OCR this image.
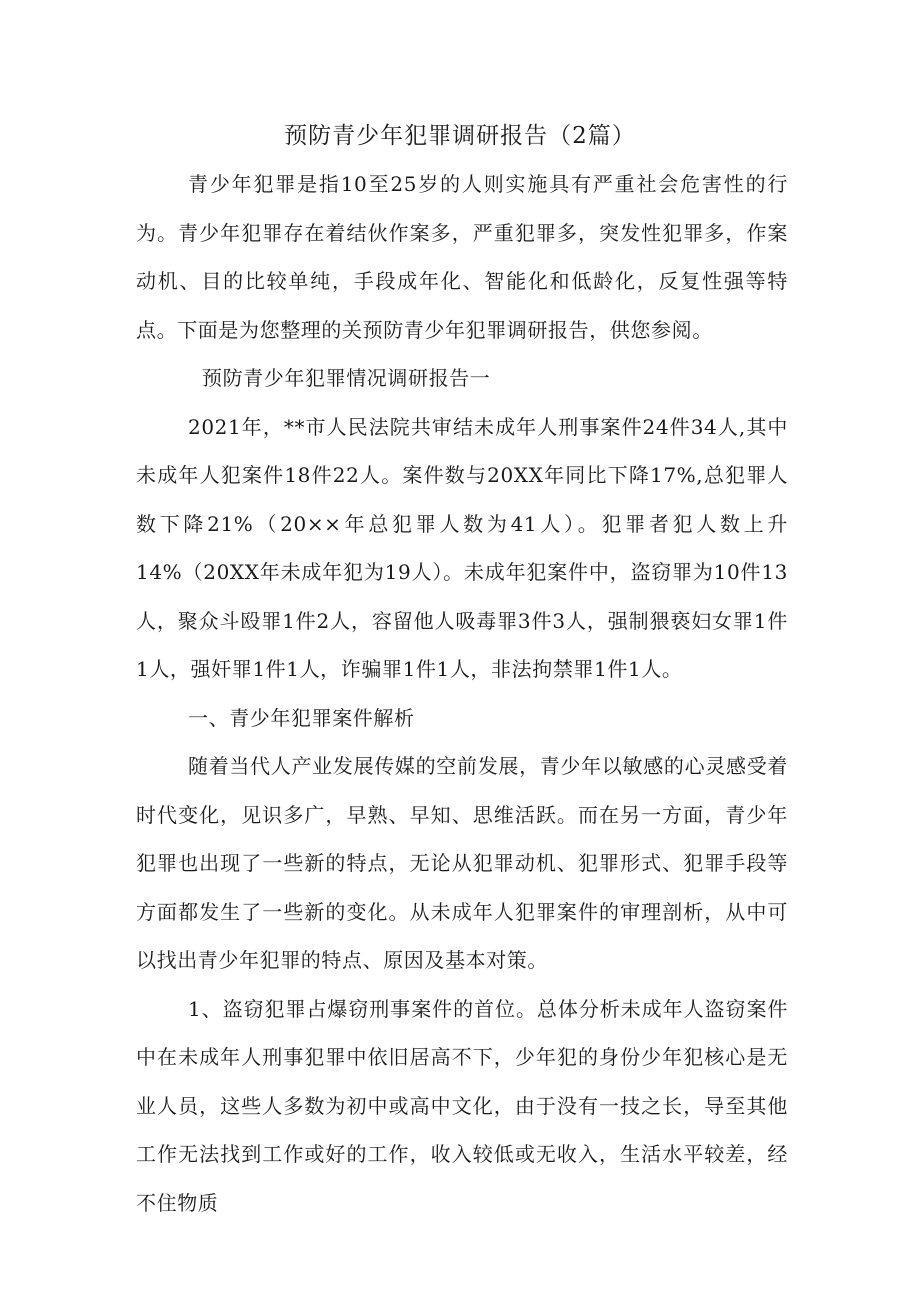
预防青少年犯罪调研报告（2篇）

青少年犯罪是指10至25岁的人则实施具有严重社会危害性的行为。青少年犯罪存在着结伙作案多，严重犯罪多，突发性犯罪多，作案动机、目的比较单纯，手段成年化、智能化和低龄化，反复性强等特点。下面是为您整理的关预防青少年犯罪调研报告，供您参阅。

预防青少年犯罪情况调研报告一

2021年，**市人民法院共审结未成年人刑事案件24件34人,其中未成年人犯案件18件22人。案件数与20XX年同比下降17%,总犯罪人数下降21%（20××年总犯罪人数为41人）。犯罪者犯人数上升14%（20XX年未成年犯为19人）。未成年犯案件中，盗窃罪为10件13人，聚众斗殴罪1件2人，容留他人吸毒罪3件3人，强制猥亵妇女罪1件1人，强奸罪1件1人，诈骗罪1件1人，非法拘禁罪1件1人。

一、青少年犯罪案件解析

随着当代人产业发展传媒的空前发展，青少年以敏感的心灵感受着时代变化，见识多广，早熟、早知、思维活跃。而在另一方面，青少年犯罪也出现了一些新的特点，无论从犯罪动机、犯罪形式、犯罪手段等方面都发生了一些新的变化。从未成年人犯罪案件的审理剖析，从中可以找出青少年犯罪的特点、原因及基本对策。

1、盗窃犯罪占爆窃刑事案件的首位。总体分析未成年人盗窃案件中在未成年人刑事犯罪中依旧居高不下，少年犯的身份少年犯核心是无业人员，这些人多数为初中或高中文化，由于没有一技之长，导至其他工作无法找到工作或好的工作，收入较低或无收入，生活水平较差，经不住物质
